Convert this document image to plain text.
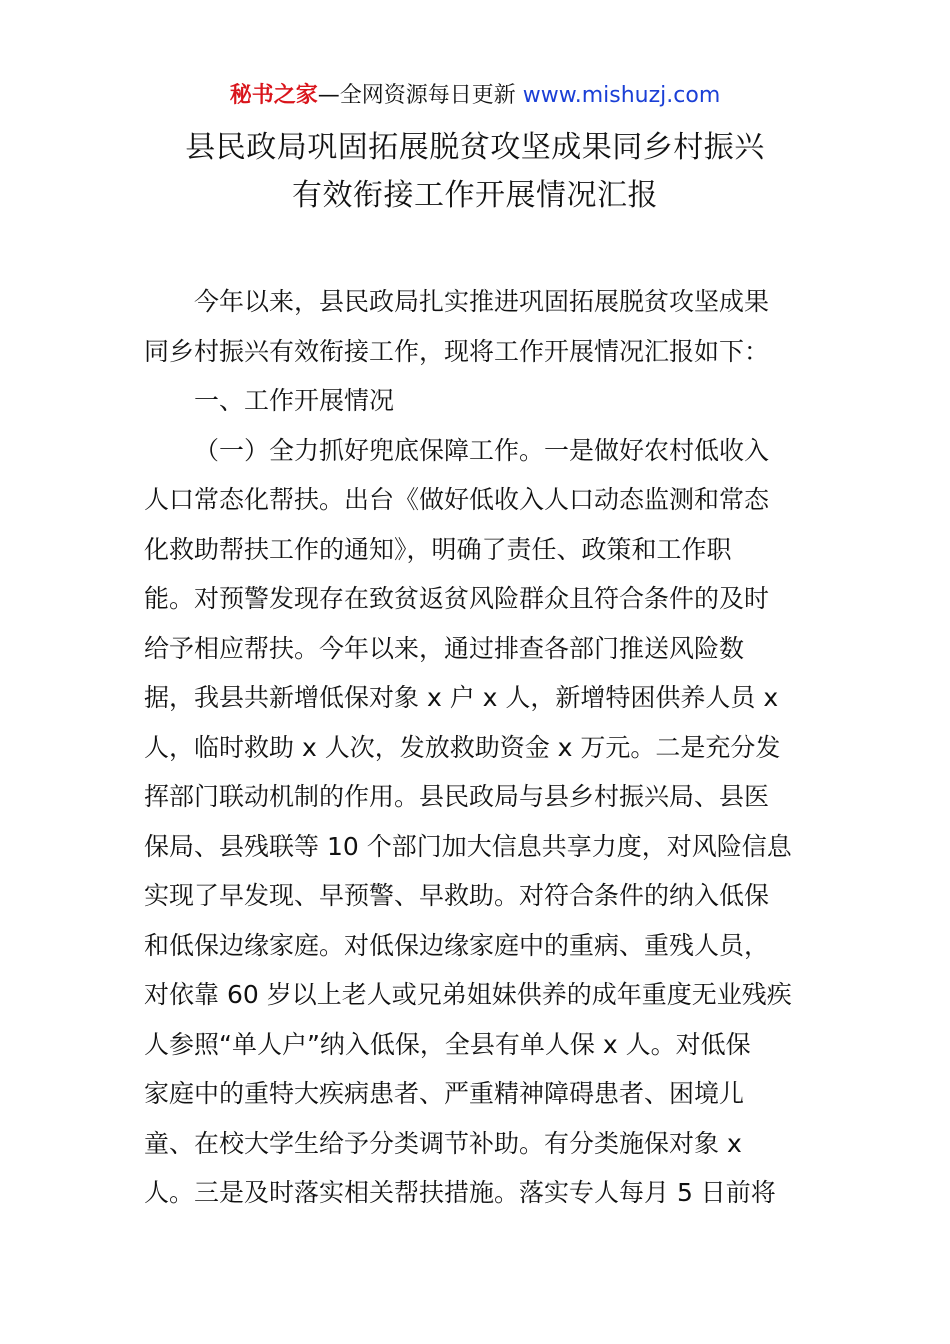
秘书之家—全网资源每日更新 www.mishuzj.com
县民政局巩固拓展脱贫攻坚成果同乡村振兴
有效衔接工作开展情况汇报
今年以来，县民政局扎实推进巩固拓展脱贫攻坚成果
同乡村振兴有效衔接工作，现将工作开展情况汇报如下：
一、工作开展情况
（一）全力抓好兜底保障工作。一是做好农村低收入
人口常态化帮扶。出台《做好低收入人口动态监测和常态
化救助帮扶工作的通知》，明确了责任、政策和工作职
能。对预警发现存在致贫返贫风险群众且符合条件的及时
给予相应帮扶。今年以来，通过排查各部门推送风险数
据，我县共新增低保对象 x 户 x 人，新增特困供养人员 x
人，临时救助 x 人次，发放救助资金 x 万元。二是充分发
挥部门联动机制的作用。县民政局与县乡村振兴局、县医
保局、县残联等 10 个部门加大信息共享力度，对风险信息
实现了早发现、早预警、早救助。对符合条件的纳入低保
和低保边缘家庭。对低保边缘家庭中的重病、重残人员，
对依靠 60 岁以上老人或兄弟姐妹供养的成年重度无业残疾
人参照“单人户”纳入低保，全县有单人保 x 人。对低保
家庭中的重特大疾病患者、严重精神障碍患者、困境儿
童、在校大学生给予分类调节补助。有分类施保对象 x
人。三是及时落实相关帮扶措施。落实专人每月 5 日前将
